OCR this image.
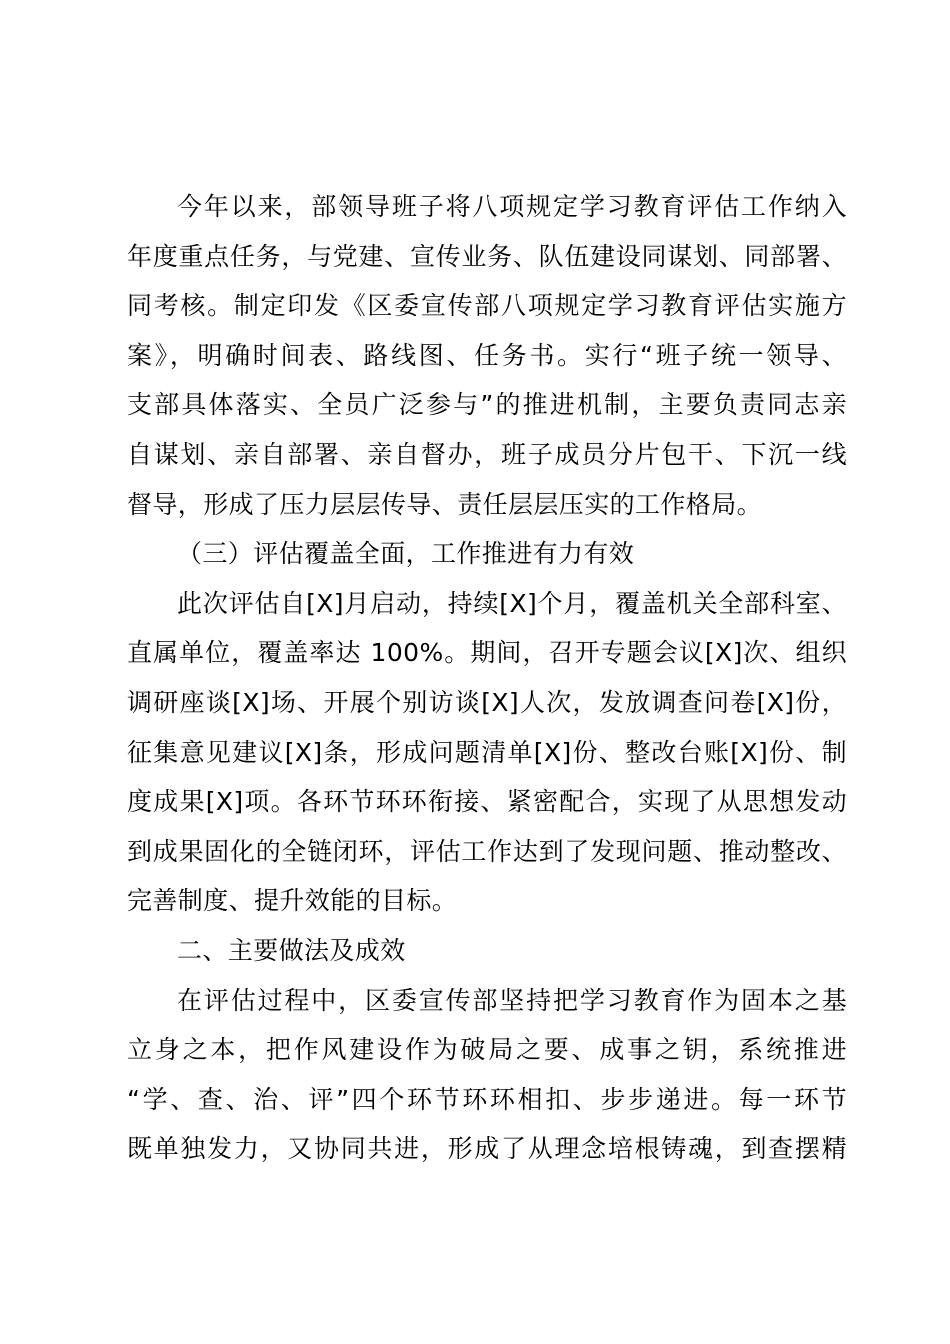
今年以来，部领导班子将八项规定学习教育评估工作纳入
年度重点任务，与党建、宣传业务、队伍建设同谋划、同部署、
同考核。制定印发《区委宣传部八项规定学习教育评估实施方
案》，明确时间表、路线图、任务书。实行“班子统一领导、
支部具体落实、全员广泛参与”的推进机制，主要负责同志亲
自谋划、亲自部署、亲自督办，班子成员分片包干、下沉一线
督导，形成了压力层层传导、责任层层压实的工作格局。
（三）评估覆盖全面，工作推进有力有效
此次评估自[X]月启动，持续[X]个月，覆盖机关全部科室、
直属单位，覆盖率达 100%。期间，召开专题会议[X]次、组织
调研座谈[X]场、开展个别访谈[X]人次，发放调查问卷[X]份，
征集意见建议[X]条，形成问题清单[X]份、整改台账[X]份、制
度成果[X]项。各环节环环衔接、紧密配合，实现了从思想发动
到成果固化的全链闭环，评估工作达到了发现问题、推动整改、
完善制度、提升效能的目标。
二、主要做法及成效
在评估过程中，区委宣传部坚持把学习教育作为固本之基
立身之本，把作风建设作为破局之要、成事之钥，系统推进
“学、查、治、评”四个环节环环相扣、步步递进。每一环节
既单独发力，又协同共进，形成了从理念培根铸魂，到查摆精
